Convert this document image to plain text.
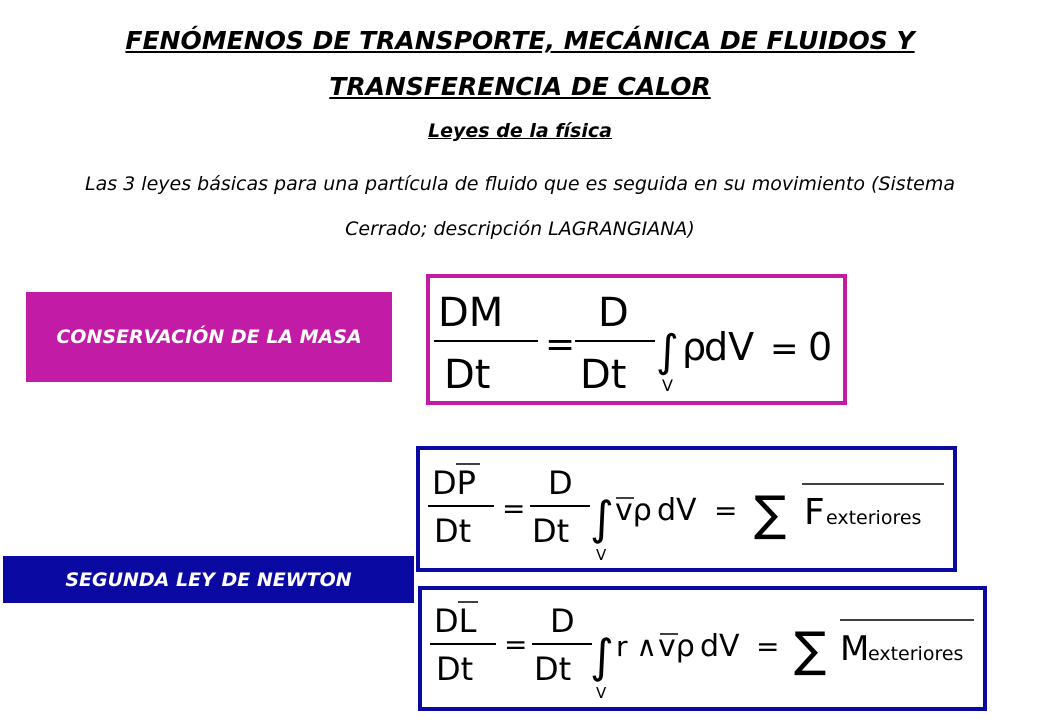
FENÓMENOS DE TRANSPORTE, MECÁNICA DE FLUIDOS Y TRANSFERENCIA DE CALOR
Leyes de la física
Las 3 leyes básicas para una partícula de fluido que es seguida en su movimiento (Sistema Cerrado; descripción LAGRANGIANA)
CONSERVACIÓN DE LA MASA
SEGUNDA LEY DE NEWTON
DM
Dt
=
D
Dt ∫
V
ρ
dV = 0
DP
Dt
=
D
Dt ∫
V
vρ dV = ∑ F exteriores
DL
Dt
=
D
Dt ∫
V
r ∧ vρ dV = ∑ M
exteriores
